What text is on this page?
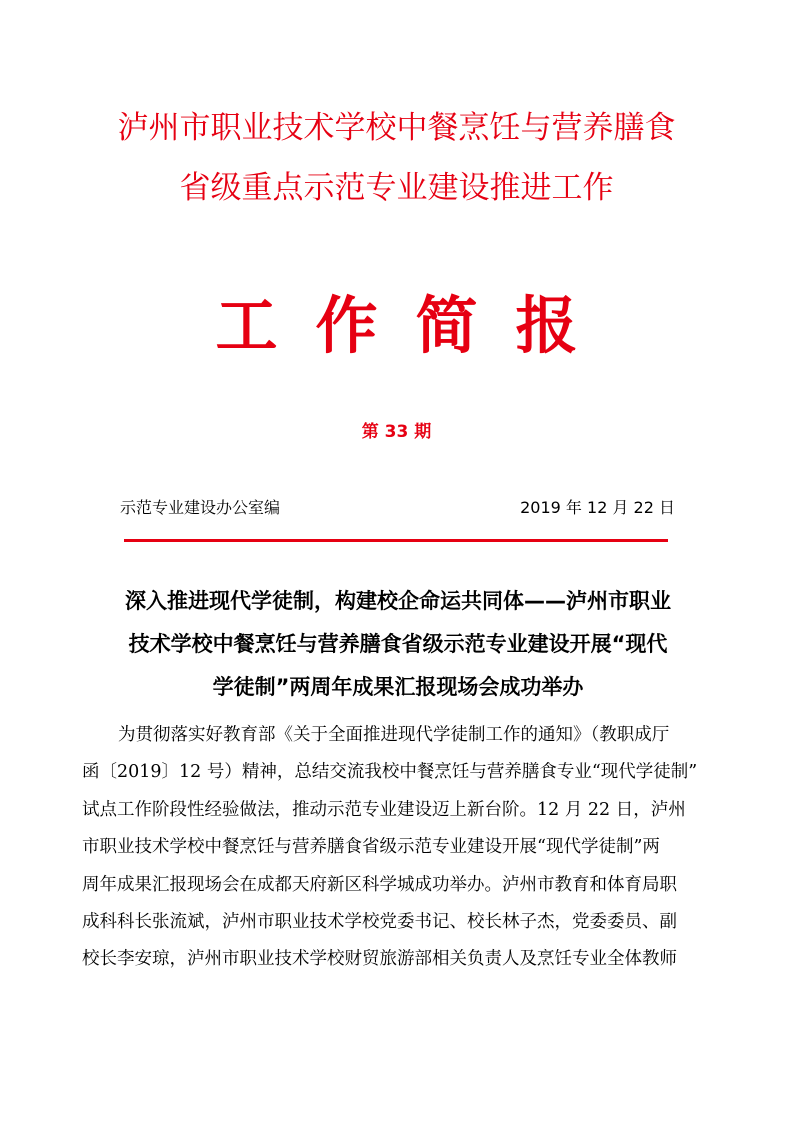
泸州市职业技术学校中餐烹饪与营养膳食
省级重点示范专业建设推进工作
工作简报
第 33 期
示范专业建设办公室编	2019 年 12 月 22 日
深入推进现代学徒制，构建校企命运共同体——泸州市职业
技术学校中餐烹饪与营养膳食省级示范专业建设开展“现代
学徒制”两周年成果汇报现场会成功举办
为贯彻落实好教育部《关于全面推进现代学徒制工作的通知》（教职成厅
函〔2019〕12 号）精神，总结交流我校中餐烹饪与营养膳食专业“现代学徒制”
试点工作阶段性经验做法，推动示范专业建设迈上新台阶。12 月 22 日，泸州
市职业技术学校中餐烹饪与营养膳食省级示范专业建设开展“现代学徒制”两
周年成果汇报现场会在成都天府新区科学城成功举办。泸州市教育和体育局职
成科科长张流斌，泸州市职业技术学校党委书记、校长林子杰，党委委员、副
校长李安琼，泸州市职业技术学校财贸旅游部相关负责人及烹饪专业全体教师
